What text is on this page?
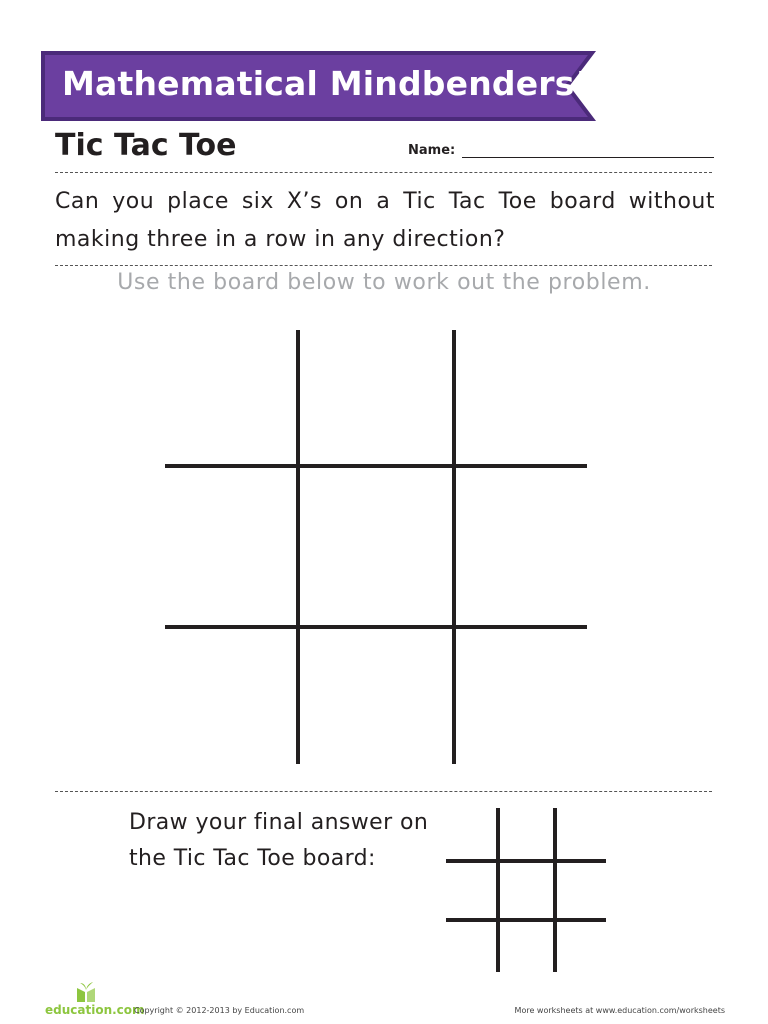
Mathematical Mindbenders!
Tic Tac Toe	Name:
Can you place six X’s on a Tic Tac Toe board without making three in a row in any direction?
Use the board below to work out the problem.
Draw your final answer on the Tic Tac Toe board:
education.com
Copyright © 2012-2013 by Education.com	More worksheets at www.education.com/worksheets
